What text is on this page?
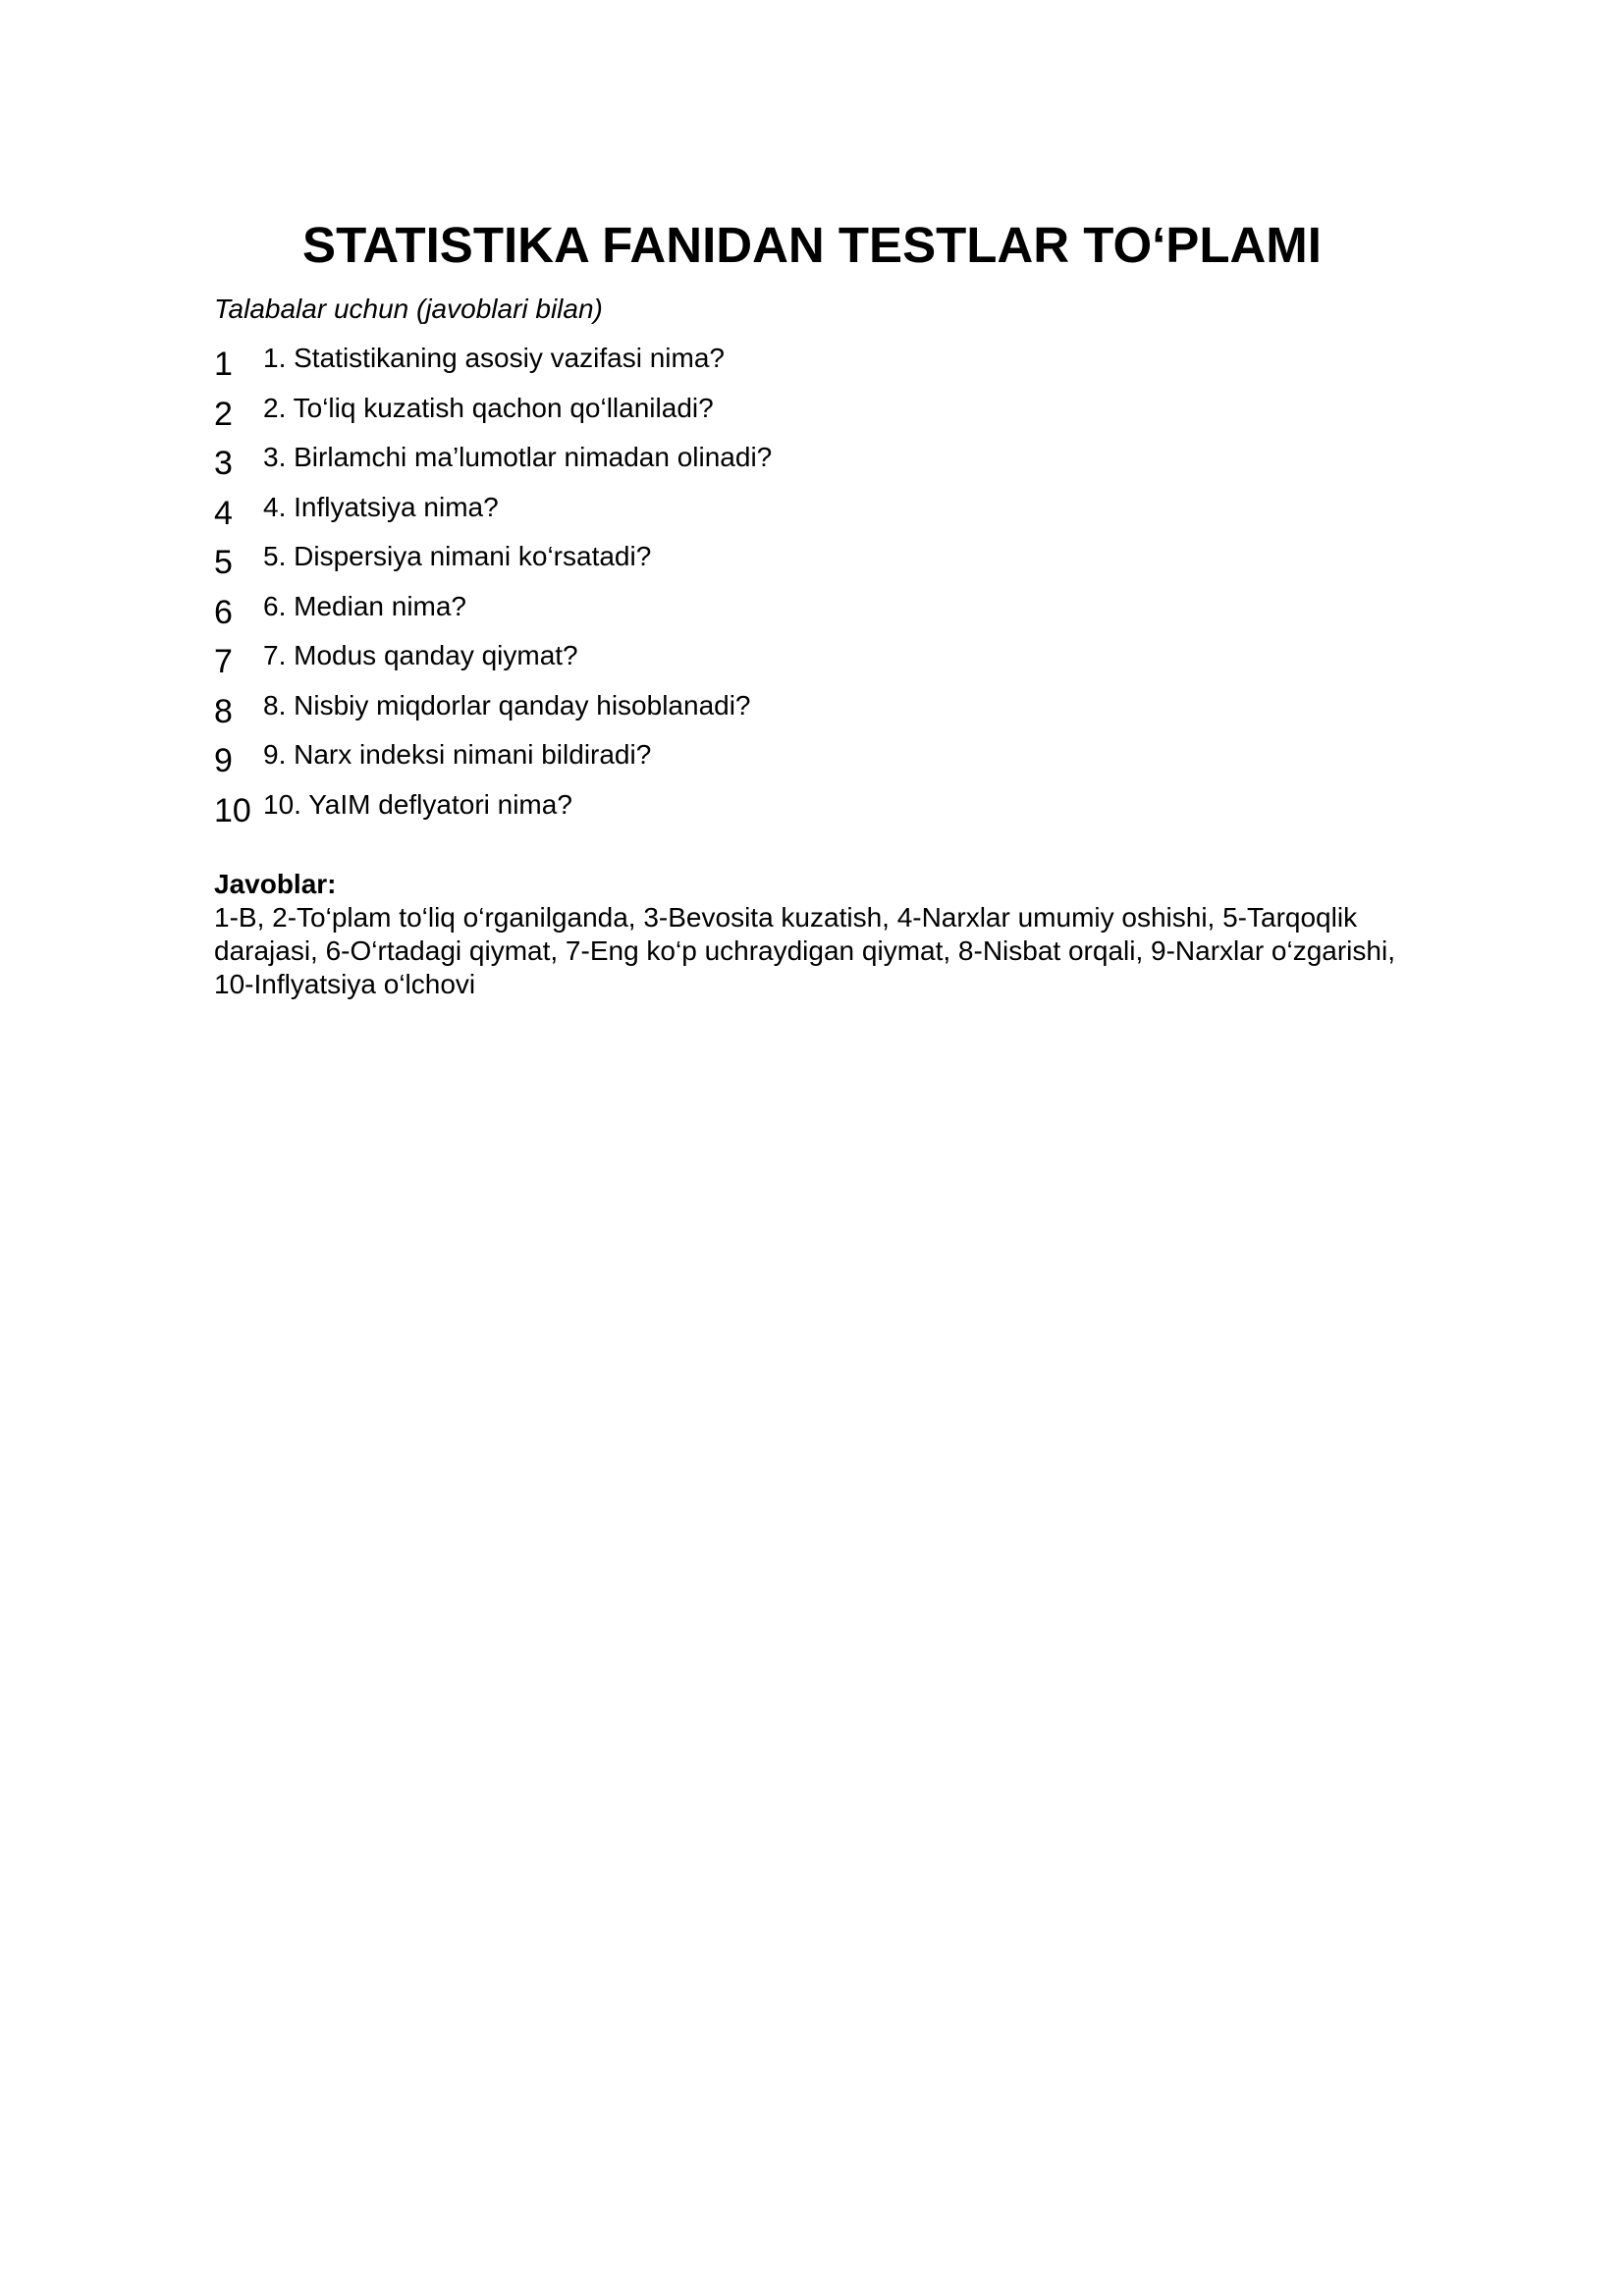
STATISTIKA FANIDAN TESTLAR TO‘PLAMI

Talabalar uchun (javoblari bilan)

1 1. Statistikaning asosiy vazifasi nima?
2 2. To‘liq kuzatish qachon qo‘llaniladi?
3 3. Birlamchi ma’lumotlar nimadan olinadi?
4 4. Inflyatsiya nima?
5 5. Dispersiya nimani ko‘rsatadi?
6 6. Median nima?
7 7. Modus qanday qiymat?
8 8. Nisbiy miqdorlar qanday hisoblanadi?
9 9. Narx indeksi nimani bildiradi?
10 10. YaIM deflyatori nima?

Javoblar:

1-B, 2-To‘plam to‘liq o‘rganilganda, 3-Bevosita kuzatish, 4-Narxlar umumiy oshishi, 5-Tarqoqlik darajasi, 6-O‘rtadagi qiymat, 7-Eng ko‘p uchraydigan qiymat, 8-Nisbat orqali, 9-Narxlar o‘zgarishi, 10-Inflyatsiya o‘lchovi
